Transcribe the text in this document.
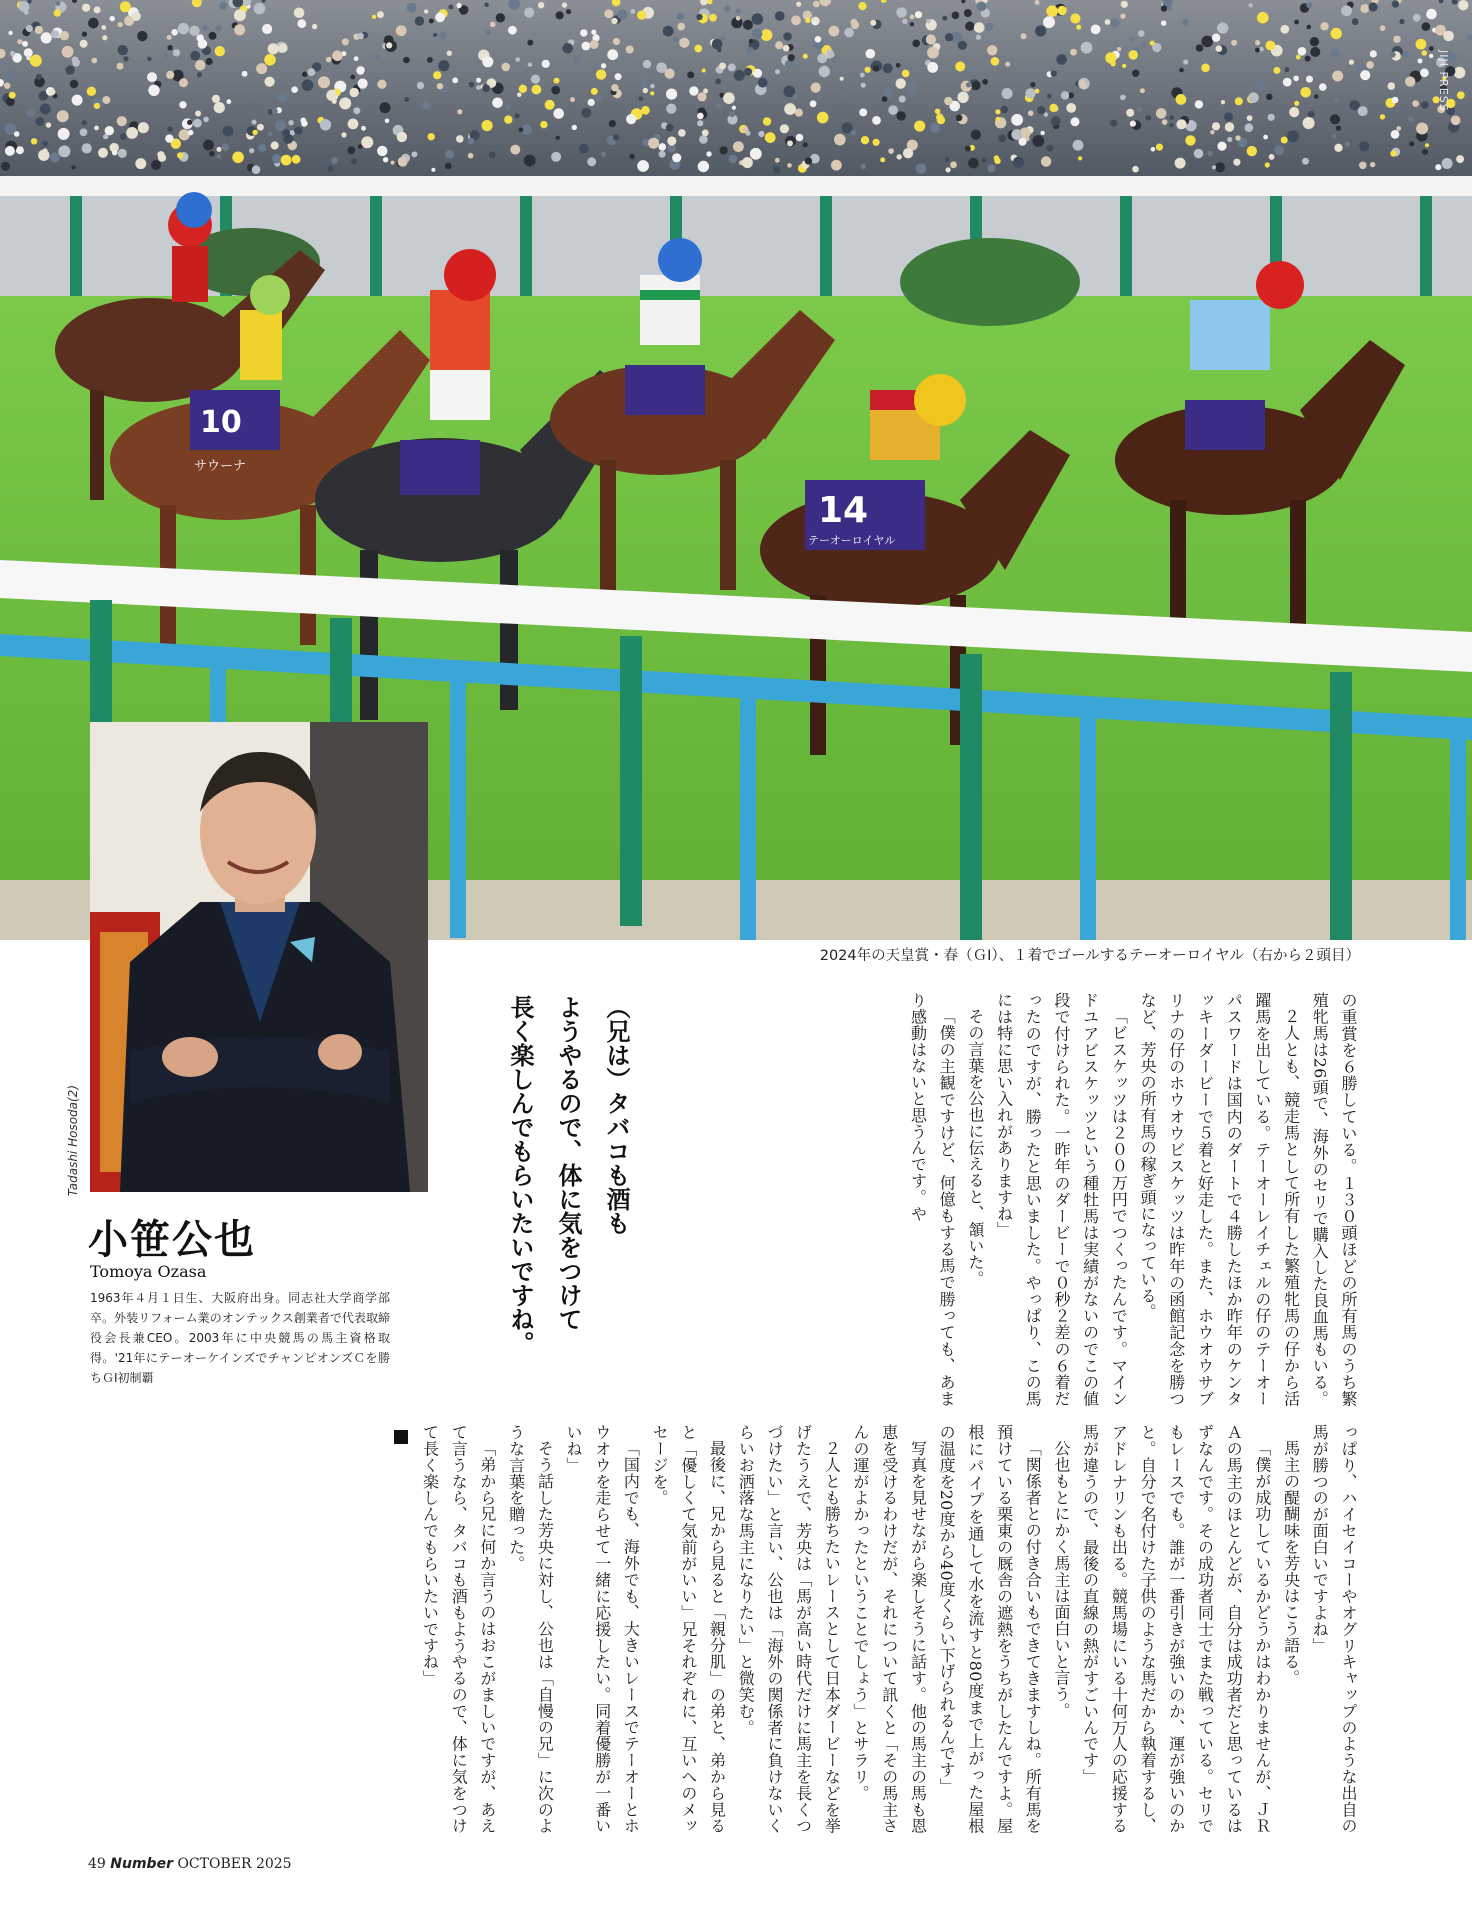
10
サウーナ
14
テーオーロイヤル
JIJI PRESS
2024年の天皇賞・春（ＧⅠ）、１着でゴールするテーオーロイヤル（右から２頭目）
Tadashi Hosoda(2)
小笹公也
Tomoya Ozasa
1963年４月１日生、大阪府出身。同志社大学商学部卒。外装リフォーム業のオンテックス創業者で代表取締役会長兼CEO。2003年に中央競馬の馬主資格取得。'21年にテーオーケインズでチャンピオンズＣを勝ちＧⅠ初制覇
（兄は）タバコも酒も
ようやるので、体に気をつけて
長く楽しんでもらいたいですね。	の重賞を６勝している。１３０頭ほどの所有馬のうち繁殖牝馬は26頭で、海外のセリで購入した良血馬もいる。

２人とも、競走馬として所有した繁殖牝馬の仔から活躍馬を出している。テーオーレイチェルの仔のテーオーパスワードは国内のダートで４勝したほか昨年のケンタッキーダービーで５着と好走した。また、ホウオウサブリナの仔のホウオウビスケッツは昨年の函館記念を勝つなど、芳央の所有馬の稼ぎ頭になっている。

「ビスケッツは２００万円でつくったんです。マインドユアビスケッツという種牡馬は実績がないのでこの値段で付けられた。一昨年のダービーで０秒２差の６着だったのですが、勝ったと思いました。やっぱり、この馬には特に思い入れがありますね」

その言葉を公也に伝えると、頷いた。

「僕の主観ですけど、何億もする馬で勝っても、あまり感動はないと思うんです。や

っぱり、ハイセイコーやオグリキャップのような出自の馬が勝つのが面白いですよね」

馬主の醍醐味を芳央はこう語る。

「僕が成功しているかどうかはわかりませんが、ＪＲＡの馬主のほとんどが、自分は成功者だと思っているはずなんです。その成功者同士でまた戦っている。セリでもレースでも。誰が一番引きが強いのか、運が強いのかと。自分で名付けた子供のような馬だから執着するし、アドレナリンも出る。競馬場にいる十何万人の応援する馬が違うので、最後の直線の熱がすごいんです」

公也もとにかく馬主は面白いと言う。

「関係者との付き合いもできてきますしね。所有馬を預けている栗東の厩舎の遮熱をうちがしたんですよ。屋根にパイプを通して水を流すと80度まで上がった屋根の温度を20度から40度くらい下げられるんです」

写真を見せながら楽しそうに話す。他の馬主の馬も恩恵を受けるわけだが、それについて訊くと「その馬主さんの運がよかったということでしょう」とサラリ。

２人とも勝ちたいレースとして日本ダービーなどを挙げたうえで、芳央は「馬が高い時代だけに馬主を長くつづけたい」と言い、公也は「海外の関係者に負けないくらいお洒落な馬主になりたい」と微笑む。

最後に、兄から見ると「親分肌」の弟と、弟から見ると「優しくて気前がいい」兄それぞれに、互いへのメッセージを。

「国内でも、海外でも、大きいレースでテーオーとホウオウを走らせて一緒に応援したい。同着優勝が一番いいね」

そう話した芳央に対し、公也は「自慢の兄」に次のような言葉を贈った。

「弟から兄に何か言うのはおこがましいですが、あえて言うなら、タバコも酒もようやるので、体に気をつけて長く楽しんでもらいたいですね」

49 Number OCTOBER 2025
